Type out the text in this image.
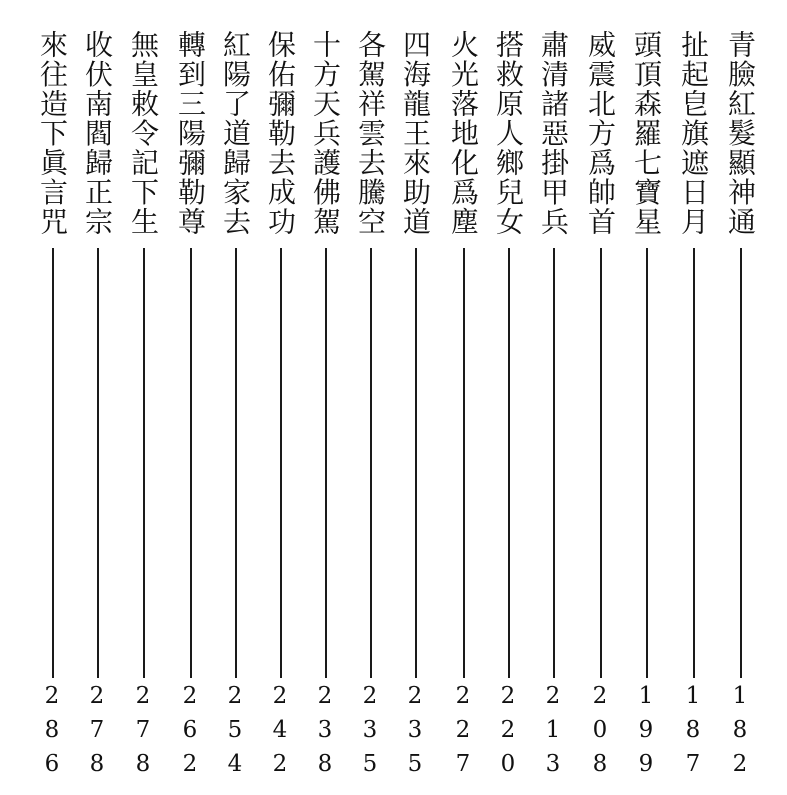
青臉紅髮顯神通
182
扯起皀旗遮日月
187
頭頂森羅七寶星
199
威震北方爲帥首
208
肅清諸惡掛甲兵
213
搭救原人鄉兒女
220
火光落地化爲塵
227
四海龍王來助道
235
各駕祥雲去騰空
235
十方天兵護佛駕
238
保佑彌勒去成功
242
紅陽了道歸家去
254
轉到三陽彌勒尊
262
無皇敕令記下生
278
收伏南閻歸正宗
278
來往造下眞言咒
286
